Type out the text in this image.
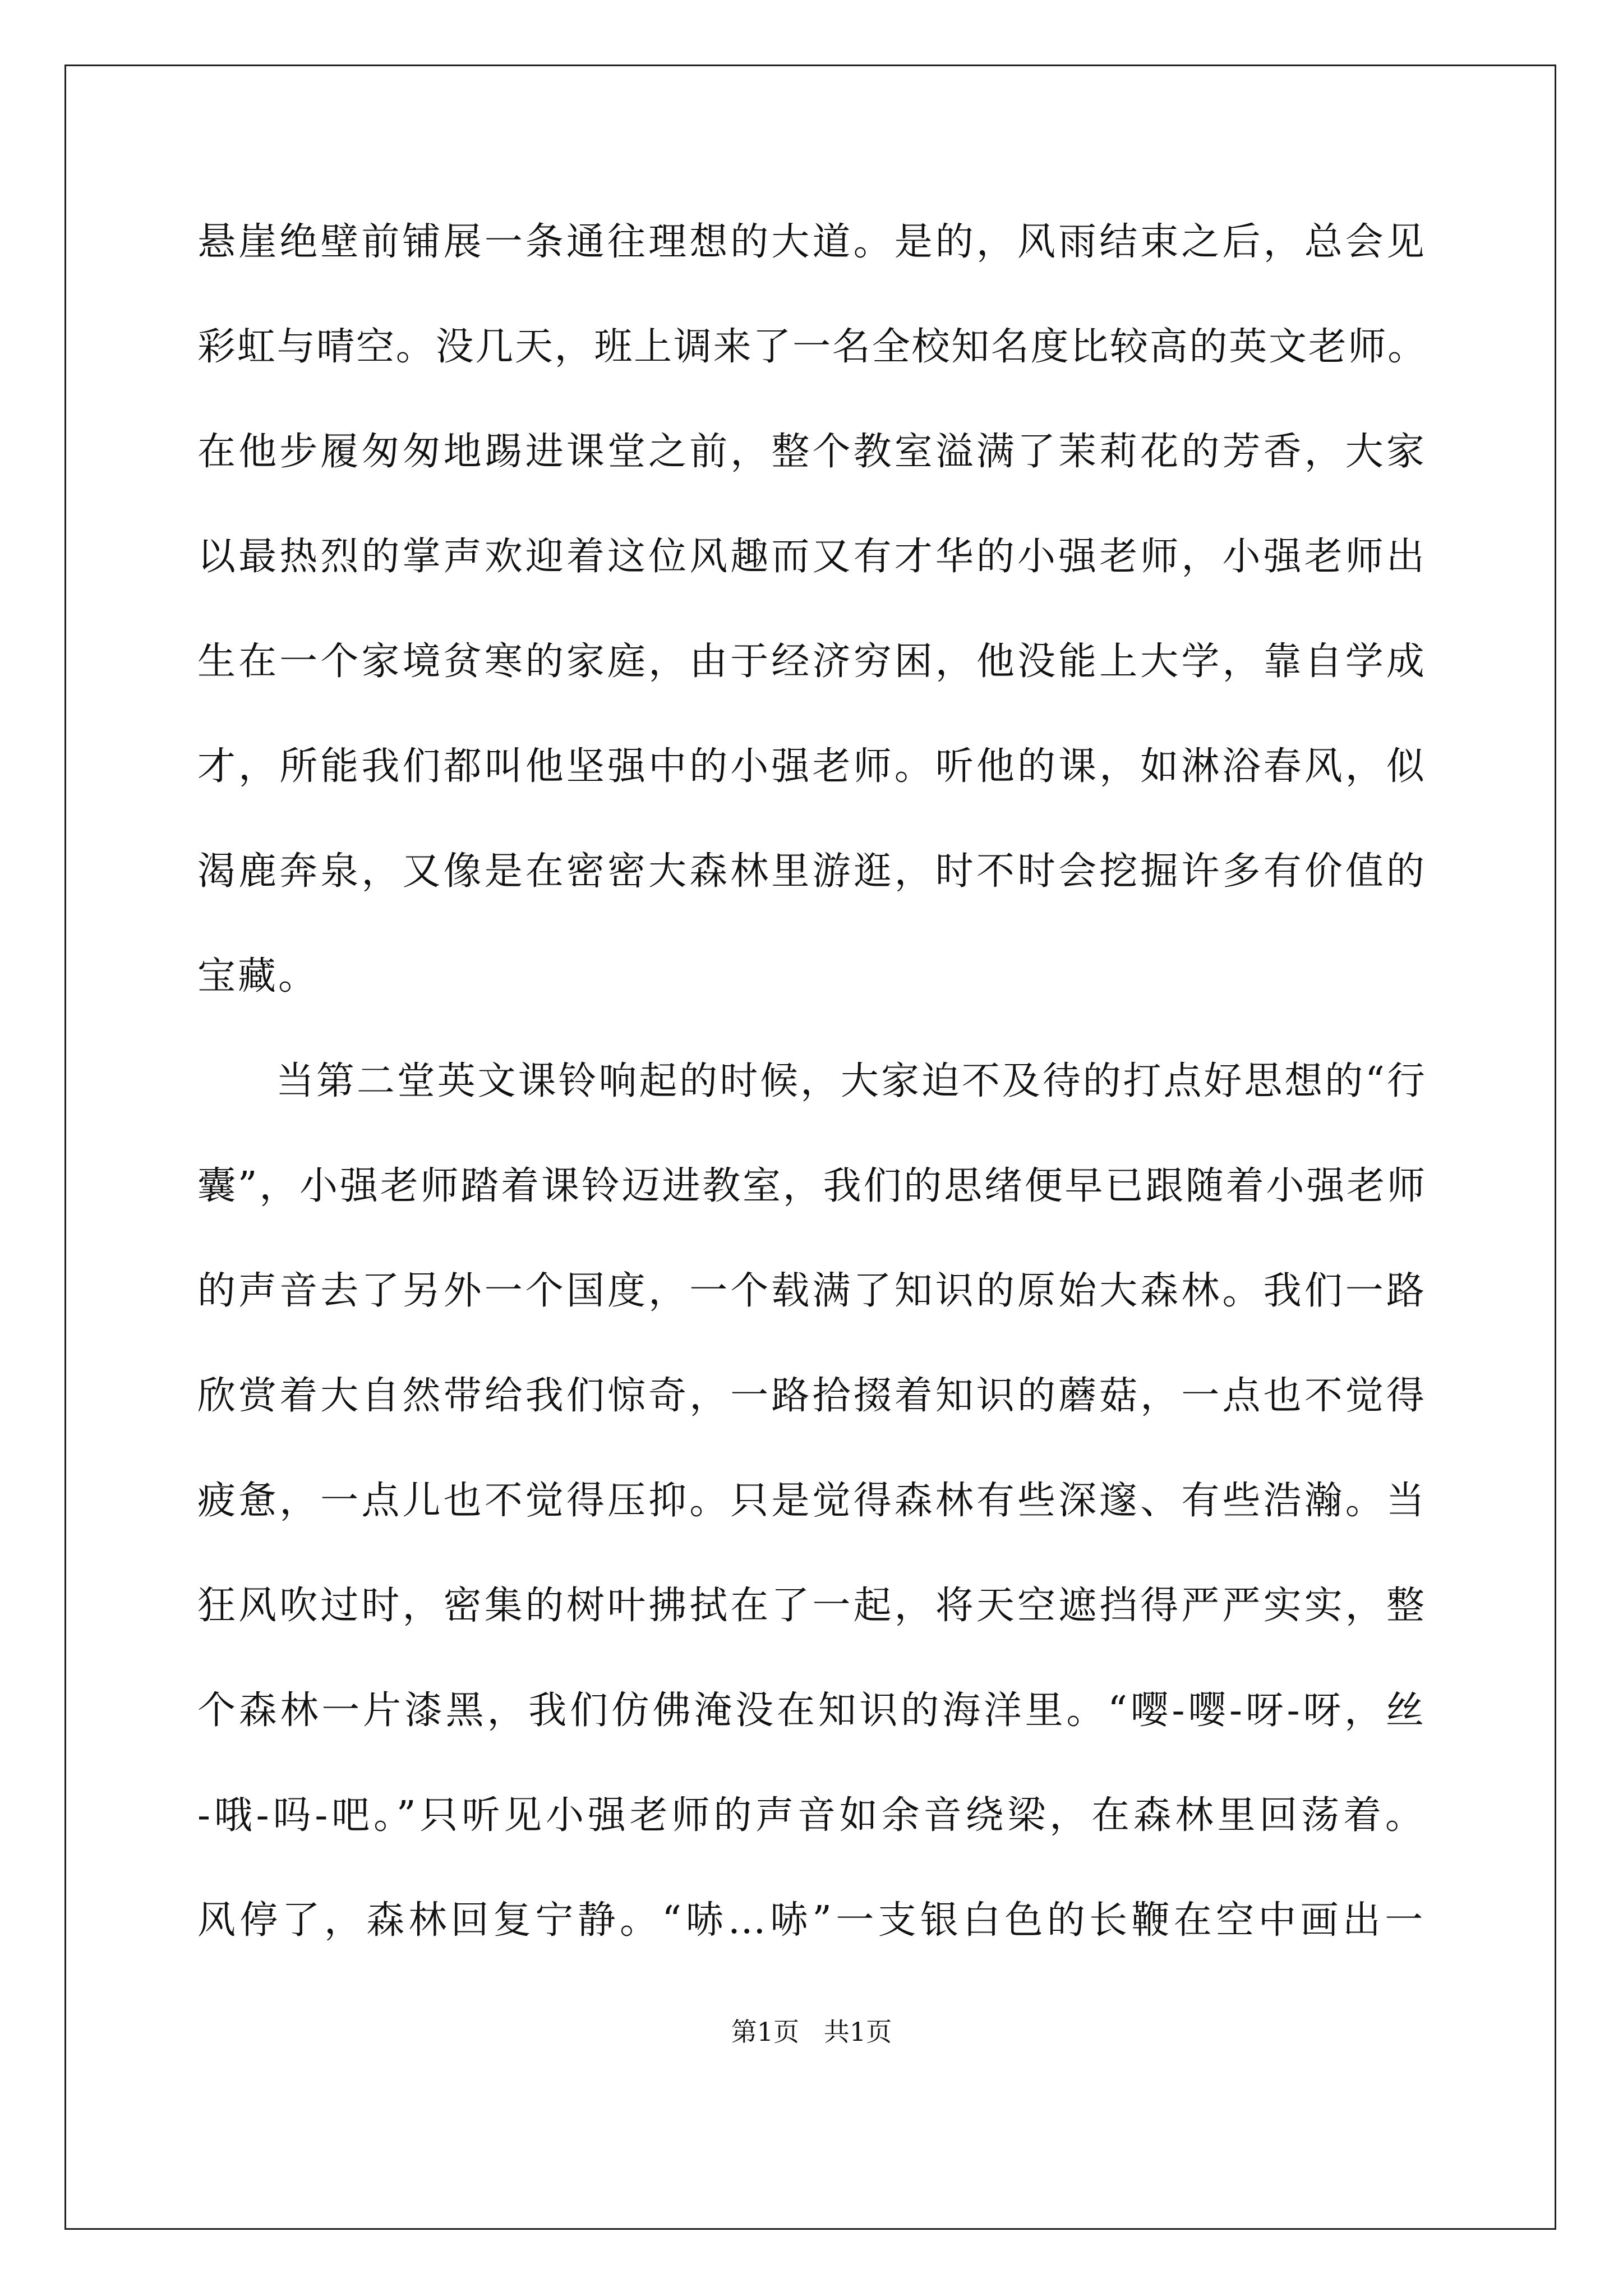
悬崖绝壁前铺展一条通往理想的大道。是的，风雨结束之后，总会见
彩虹与晴空。没几天，班上调来了一名全校知名度比较高的英文老师。
在他步履匆匆地踢进课堂之前，整个教室溢满了茉莉花的芳香，大家
以最热烈的掌声欢迎着这位风趣而又有才华的小强老师，小强老师出
生在一个家境贫寒的家庭，由于经济穷困，他没能上大学，靠自学成
才，所能我们都叫他坚强中的小强老师。听他的课，如淋浴春风，似
渴鹿奔泉，又像是在密密大森林里游逛，时不时会挖掘许多有价值的
宝藏。
当第二堂英文课铃响起的时候，大家迫不及待的打点好思想的“行
囊”，小强老师踏着课铃迈进教室，我们的思绪便早已跟随着小强老师
的声音去了另外一个国度，一个载满了知识的原始大森林。我们一路
欣赏着大自然带给我们惊奇，一路拾掇着知识的蘑菇，一点也不觉得
疲惫，一点儿也不觉得压抑。只是觉得森林有些深邃、有些浩瀚。当
狂风吹过时，密集的树叶拂拭在了一起，将天空遮挡得严严实实，整
个森林一片漆黑，我们仿佛淹没在知识的海洋里。“嘤-嘤-呀-呀，丝
-哦-吗-吧。”只听见小强老师的声音如余音绕梁，在森林里回荡着。
风停了，森林回复宁静。“哧…哧”一支银白色的长鞭在空中画出一
第1页   共1页
